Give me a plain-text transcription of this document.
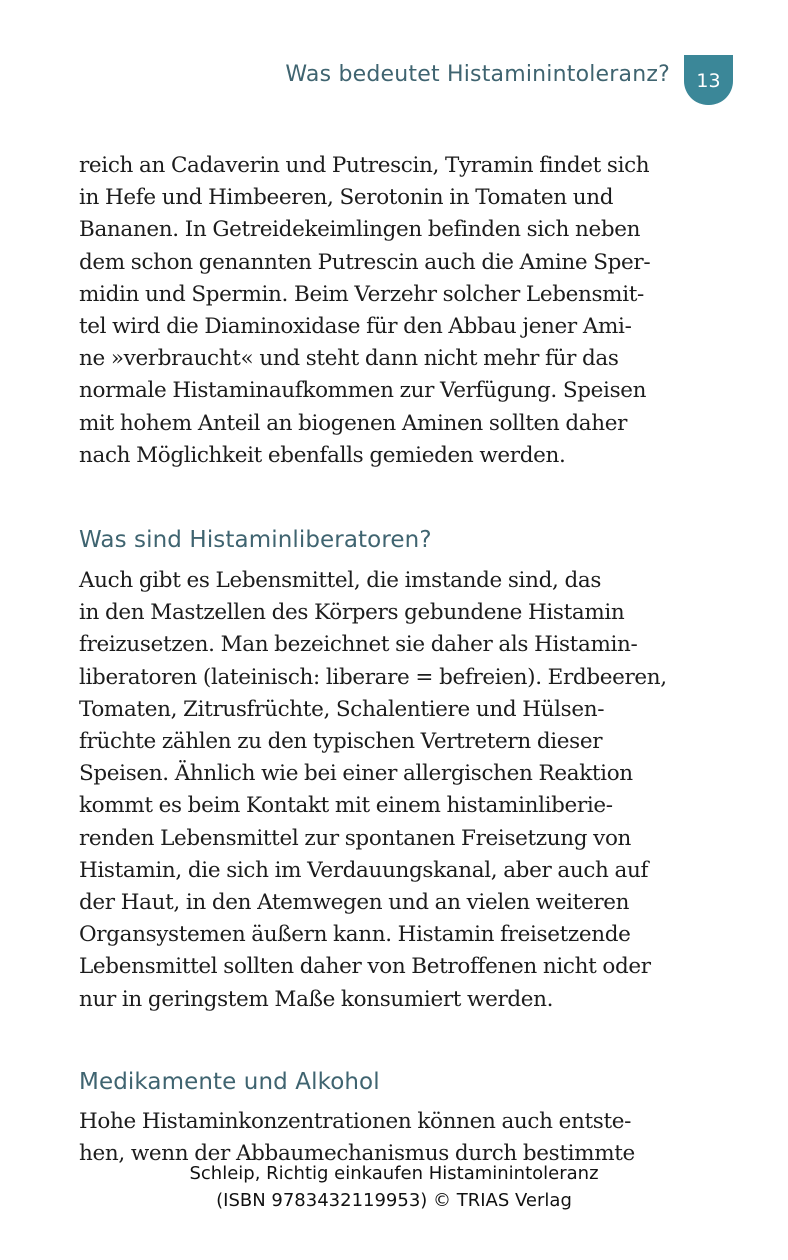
Was bedeutet Histaminintoleranz?	13
reich an Cadaverin und Putrescin, Tyramin findet sich
in Hefe und Himbeeren, Serotonin in Tomaten und
Bananen. In Getreidekeimlingen befinden sich neben
dem schon genannten Putrescin auch die Amine Sper-
midin und Spermin. Beim Verzehr solcher Lebensmit-
tel wird die Diaminoxidase für den Abbau jener Ami-
ne »verbraucht« und steht dann nicht mehr für das
normale Histaminaufkommen zur Verfügung. Speisen
mit hohem Anteil an biogenen Aminen sollten daher
nach Möglichkeit ebenfalls gemieden werden.
Was sind Histaminliberatoren?
Auch gibt es Lebensmittel, die imstande sind, das
in den Mastzellen des Körpers gebundene Histamin
freizusetzen. Man bezeichnet sie daher als Histamin-
liberatoren (lateinisch: liberare = befreien). Erdbeeren,
Tomaten, Zitrusfrüchte, Schalentiere und Hülsen-
früchte zählen zu den typischen Vertretern dieser
Speisen. Ähnlich wie bei einer allergischen Reaktion
kommt es beim Kontakt mit einem histaminliberie-
renden Lebensmittel zur spontanen Freisetzung von
Histamin, die sich im Verdauungskanal, aber auch auf
der Haut, in den Atemwegen und an vielen weiteren
Organsystemen äußern kann. Histamin freisetzende
Lebensmittel sollten daher von Betroffenen nicht oder
nur in geringstem Maße konsumiert werden.
Medikamente und Alkohol
Hohe Histaminkonzentrationen können auch entste-
hen, wenn der Abbaumechanismus durch bestimmte
Schleip, Richtig einkaufen Histaminintoleranz
(ISBN 9783432119953) © TRIAS Verlag
